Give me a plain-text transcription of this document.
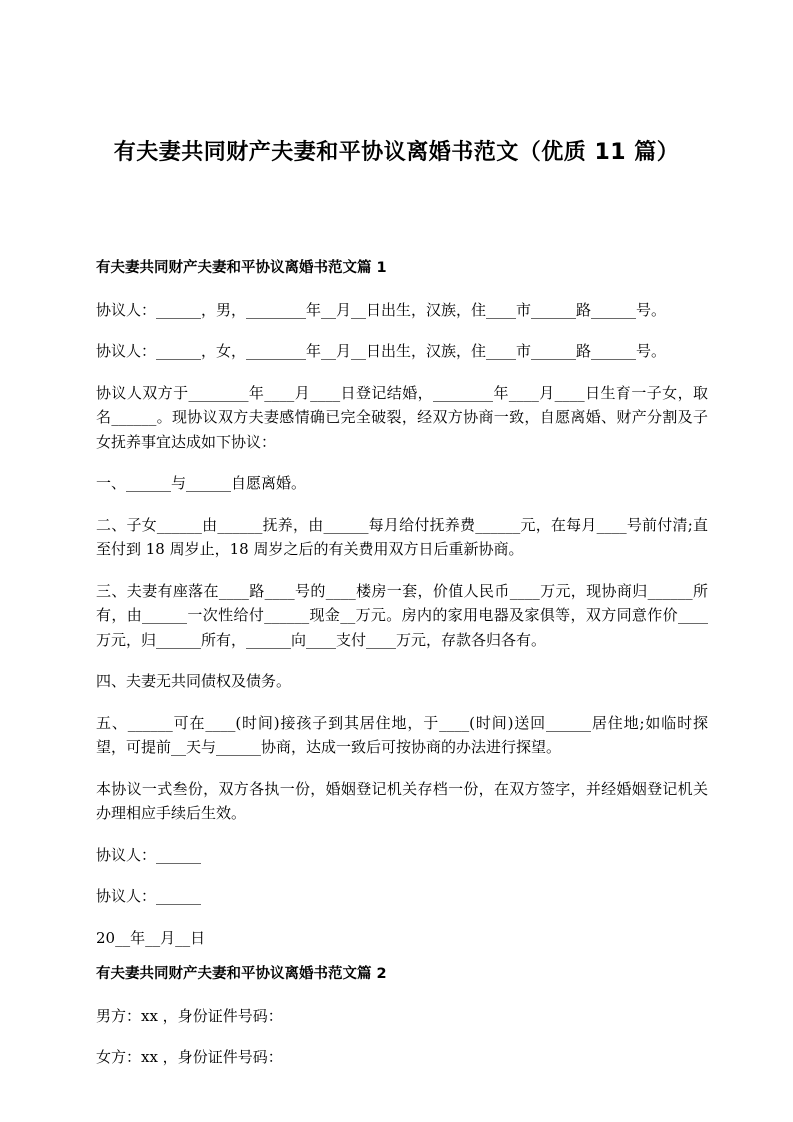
有夫妻共同财产夫妻和平协议离婚书范文（优质 11 篇）

有夫妻共同财产夫妻和平协议离婚书范文篇 1

协议人：______，男，________年__月__日出生，汉族，住____市______路______号。

协议人：______，女，________年__月__日出生，汉族，住____市______路______号。

协议人双方于________年____月____日登记结婚，________年____月____日生育一子女，取名______。现协议双方夫妻感情确已完全破裂，经双方协商一致，自愿离婚、财产分割及子女抚养事宜达成如下协议：

一、______与______自愿离婚。

二、子女______由______抚养，由______每月给付抚养费______元，在每月____号前付清;直至付到 18 周岁止，18 周岁之后的有关费用双方日后重新协商。

三、夫妻有座落在____路____号的____楼房一套，价值人民币____万元，现协商归______所有，由______一次性给付______现金__万元。房内的家用电器及家俱等，双方同意作价____万元，归______所有，______向____支付____万元，存款各归各有。

四、夫妻无共同债权及债务。

五、______可在____(时间)接孩子到其居住地，于____(时间)送回______居住地;如临时探望，可提前__天与______协商，达成一致后可按协商的办法进行探望。

本协议一式叁份，双方各执一份，婚姻登记机关存档一份，在双方签字，并经婚姻登记机关办理相应手续后生效。

协议人：______

协议人：______

20__年__月__日

有夫妻共同财产夫妻和平协议离婚书范文篇 2

男方：xx ，身份证件号码：

女方：xx ，身份证件号码：
